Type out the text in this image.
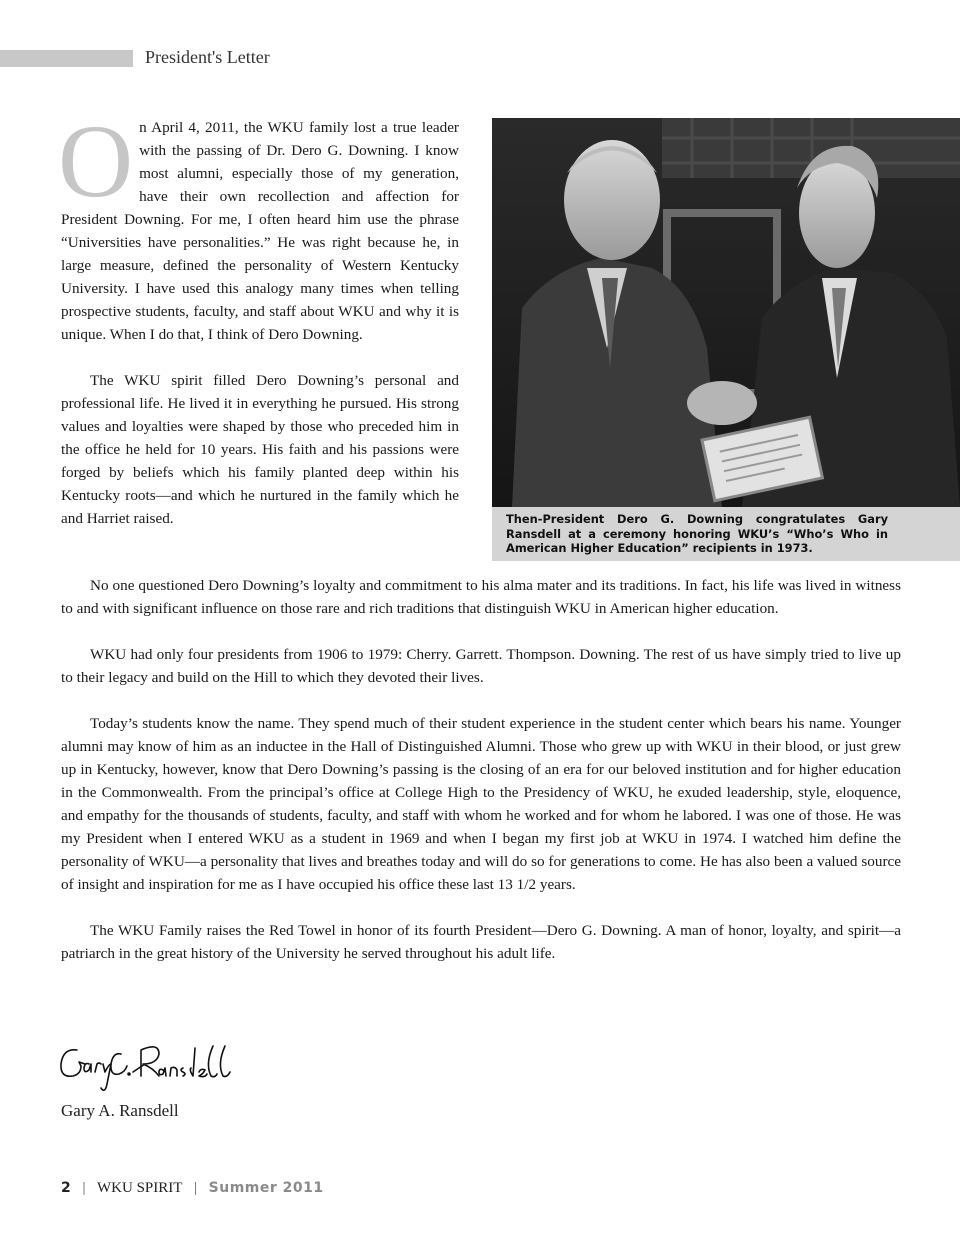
President's Letter

On April 4, 2011, the WKU family lost a true leader with the passing of Dr. Dero G. Downing. I know most alumni, especially those of my generation, have their own recollection and affection for President Downing. For me, I often heard him use the phrase “Universities have personalities.” He was right because he, in large measure, defined the personality of Western Kentucky University. I have used this analogy many times when telling prospective students, faculty, and staff about WKU and why it is unique. When I do that, I think of Dero Downing.

The WKU spirit filled Dero Downing’s personal and professional life. He lived it in everything he pursued. His strong values and loyalties were shaped by those who preceded him in the office he held for 10 years. His faith and his passions were forged by beliefs which his family planted deep within his Kentucky roots—and which he nurtured in the family which he and Harriet raised.	Then-President Dero G. Downing congratulates Gary Ransdell at a ceremony honoring WKU’s “Who’s Who in American Higher Education” recipients in 1973.

No one questioned Dero Downing’s loyalty and commitment to his alma mater and its traditions. In fact, his life was lived in witness to and with significant influence on those rare and rich traditions that distinguish WKU in American higher education.

WKU had only four presidents from 1906 to 1979: Cherry. Garrett. Thompson. Downing. The rest of us have simply tried to live up to their legacy and build on the Hill to which they devoted their lives.

Today’s students know the name. They spend much of their student experience in the student center which bears his name. Younger alumni may know of him as an inductee in the Hall of Distinguished Alumni. Those who grew up with WKU in their blood, or just grew up in Kentucky, however, know that Dero Downing’s passing is the closing of an era for our beloved institution and for higher education in the Commonwealth. From the principal’s office at College High to the Presidency of WKU, he exuded leadership, style, eloquence, and empathy for the thousands of students, faculty, and staff with whom he worked and for whom he labored. I was one of those. He was my President when I entered WKU as a student in 1969 and when I began my first job at WKU in 1974. I watched him define the personality of WKU—a personality that lives and breathes today and will do so for generations to come. He has also been a valued source of insight and inspiration for me as I have occupied his office these last 13 1/2 years.

The WKU Family raises the Red Towel in honor of its fourth President—Dero G. Downing. A man of honor, loyalty, and spirit—a patriarch in the great history of the University he served throughout his adult life.

Gary A. Ransdell
2 | WKU SPIRIT | Summer 2011
